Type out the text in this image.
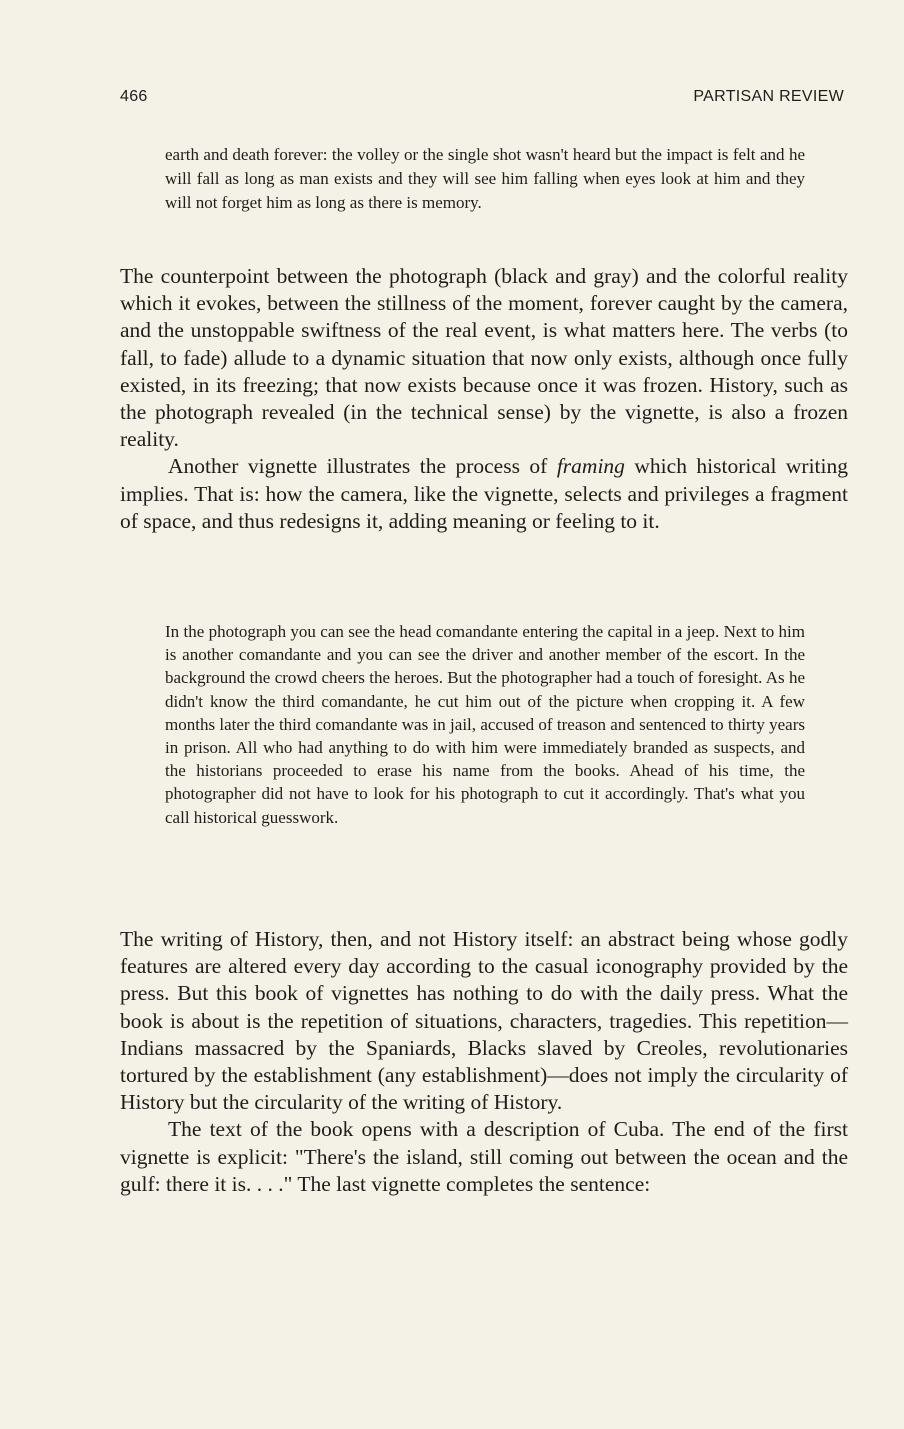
466	PARTISAN REVIEW
earth and death forever: the volley or the single shot wasn't heard but the impact is felt and he will fall as long as man exists and they will see him falling when eyes look at him and they will not forget him as long as there is memory.

The counterpoint between the photograph (black and gray) and the colorful reality which it evokes, between the stillness of the moment, forever caught by the camera, and the unstoppable swiftness of the real event, is what matters here. The verbs (to fall, to fade) allude to a dynamic situation that now only exists, although once fully existed, in its freezing; that now exists because once it was frozen. History, such as the photograph revealed (in the technical sense) by the vignette, is also a frozen reality.

Another vignette illustrates the process of framing which historical writing implies. That is: how the camera, like the vignette, selects and privileges a fragment of space, and thus redesigns it, adding meaning or feeling to it.

In the photograph you can see the head comandante entering the capital in a jeep. Next to him is another comandante and you can see the driver and another member of the escort. In the background the crowd cheers the heroes. But the photographer had a touch of foresight. As he didn't know the third comandante, he cut him out of the picture when cropping it. A few months later the third comandante was in jail, accused of treason and sentenced to thirty years in prison. All who had anything to do with him were immediately branded as suspects, and the historians proceeded to erase his name from the books. Ahead of his time, the photographer did not have to look for his photograph to cut it accordingly. That's what you call historical guesswork.

The writing of History, then, and not History itself: an abstract being whose godly features are altered every day according to the casual iconography provided by the press. But this book of vignettes has nothing to do with the daily press. What the book is about is the repetition of situations, characters, tragedies. This repetition—Indians massacred by the Spaniards, Blacks slaved by Creoles, revolutionaries tortured by the establishment (any establishment)—does not imply the circularity of History but the circularity of the writing of History.

The text of the book opens with a description of Cuba. The end of the first vignette is explicit: "There's the island, still coming out between the ocean and the gulf: there it is. . . ." The last vignette completes the sentence:
